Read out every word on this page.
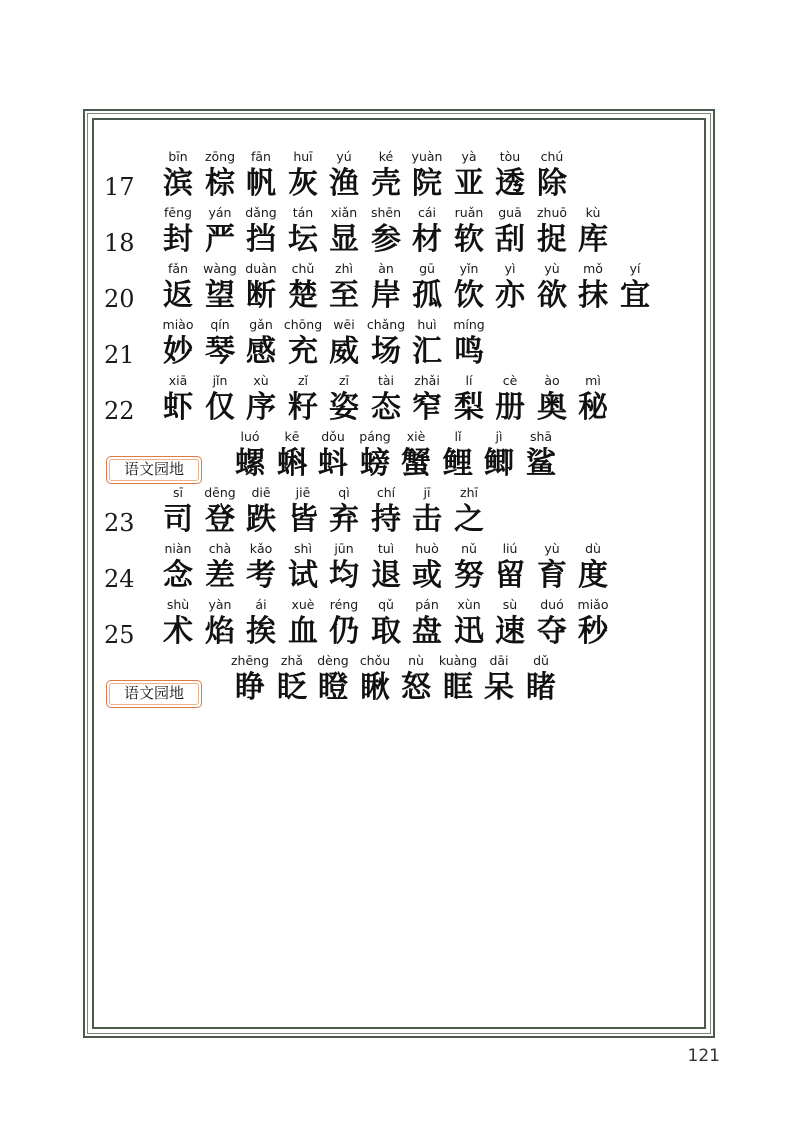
17
bīn
滨
zōng
棕
fān
帆
huī
灰
yú
渔
ké
壳
yuàn
院
yà
亚
tòu
透
chú
除
18
fēng
封
yán
严
dǎng
挡
tán
坛
xiǎn
显
shēn
参
cái
材
ruǎn
软
guā
刮
zhuō
捉
kù
库
20
fǎn
返
wàng
望
duàn
断
chǔ
楚
zhì
至
àn
岸
gū
孤
yǐn
饮
yì
亦
yù
欲
mǒ
抹
yí
宜
21
miào
妙
qín
琴
gǎn
感
chōng
充
wēi
威
chǎng
场
huì
汇
míng
鸣
22
xiā
虾
jǐn
仅
xù
序
zǐ
籽
zī
姿
tài
态
zhǎi
窄
lí
梨
cè
册
ào
奥
mì
秘
语文园地
luó
螺
kē
蝌
dǒu
蚪
páng
螃
xiè
蟹
lǐ
鲤
jì
鲫
shā
鲨
23
sī
司
dēng
登
diē
跌
jiē
皆
qì
弃
chí
持
jī
击
zhī
之
24
niàn
念
chà
差
kǎo
考
shì
试
jūn
均
tuì
退
huò
或
nǔ
努
liú
留
yù
育
dù
度
25
shù
术
yàn
焰
ái
挨
xuè
血
réng
仍
qǔ
取
pán
盘
xùn
迅
sù
速
duó
夺
miǎo
秒
语文园地
zhēng
睁
zhǎ
眨
dèng
瞪
chǒu
瞅
nù
怒
kuàng
眶
dāi
呆
dǔ
睹
121
